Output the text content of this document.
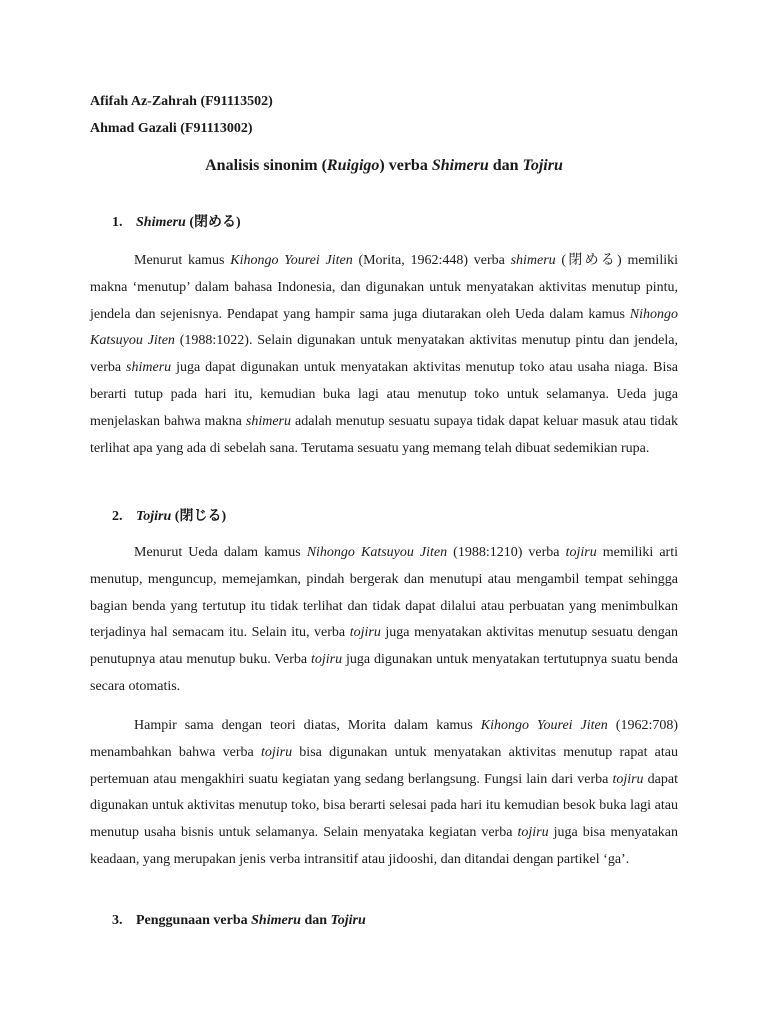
Afifah Az-Zahrah (F91113502)
Ahmad Gazali (F91113002)
Analisis sinonim (Ruigigo) verba Shimeru dan Tojiru
1. Shimeru (閉める)

Menurut kamus Kihongo Yourei Jiten (Morita, 1962:448) verba shimeru (閉める) memiliki makna ‘menutup’ dalam bahasa Indonesia, dan digunakan untuk menyatakan aktivitas menutup pintu, jendela dan sejenisnya. Pendapat yang hampir sama juga diutarakan oleh Ueda dalam kamus Nihongo Katsuyou Jiten (1988:1022). Selain digunakan untuk menyatakan aktivitas menutup pintu dan jendela, verba shimeru juga dapat digunakan untuk menyatakan aktivitas menutup toko atau usaha niaga. Bisa berarti tutup pada hari itu, kemudian buka lagi atau menutup toko untuk selamanya. Ueda juga menjelaskan bahwa makna shimeru adalah menutup sesuatu supaya tidak dapat keluar masuk atau tidak terlihat apa yang ada di sebelah sana. Terutama sesuatu yang memang telah dibuat sedemikian rupa.

2. Tojiru (閉じる)

Menurut Ueda dalam kamus Nihongo Katsuyou Jiten (1988:1210) verba tojiru memiliki arti menutup, menguncup, memejamkan, pindah bergerak dan menutupi atau mengambil tempat sehingga bagian benda yang tertutup itu tidak terlihat dan tidak dapat dilalui atau perbuatan yang menimbulkan terjadinya hal semacam itu. Selain itu, verba tojiru juga menyatakan aktivitas menutup sesuatu dengan penutupnya atau menutup buku. Verba tojiru juga digunakan untuk menyatakan tertutupnya suatu benda secara otomatis.

Hampir sama dengan teori diatas, Morita dalam kamus Kihongo Yourei Jiten (1962:708) menambahkan bahwa verba tojiru bisa digunakan untuk menyatakan aktivitas menutup rapat atau pertemuan atau mengakhiri suatu kegiatan yang sedang berlangsung. Fungsi lain dari verba tojiru dapat digunakan untuk aktivitas menutup toko, bisa berarti selesai pada hari itu kemudian besok buka lagi atau menutup usaha bisnis untuk selamanya. Selain menyataka kegiatan verba tojiru juga bisa menyatakan keadaan, yang merupakan jenis verba intransitif atau jidooshi, dan ditandai dengan partikel ‘ga’.

3. Penggunaan verba Shimeru dan Tojiru
